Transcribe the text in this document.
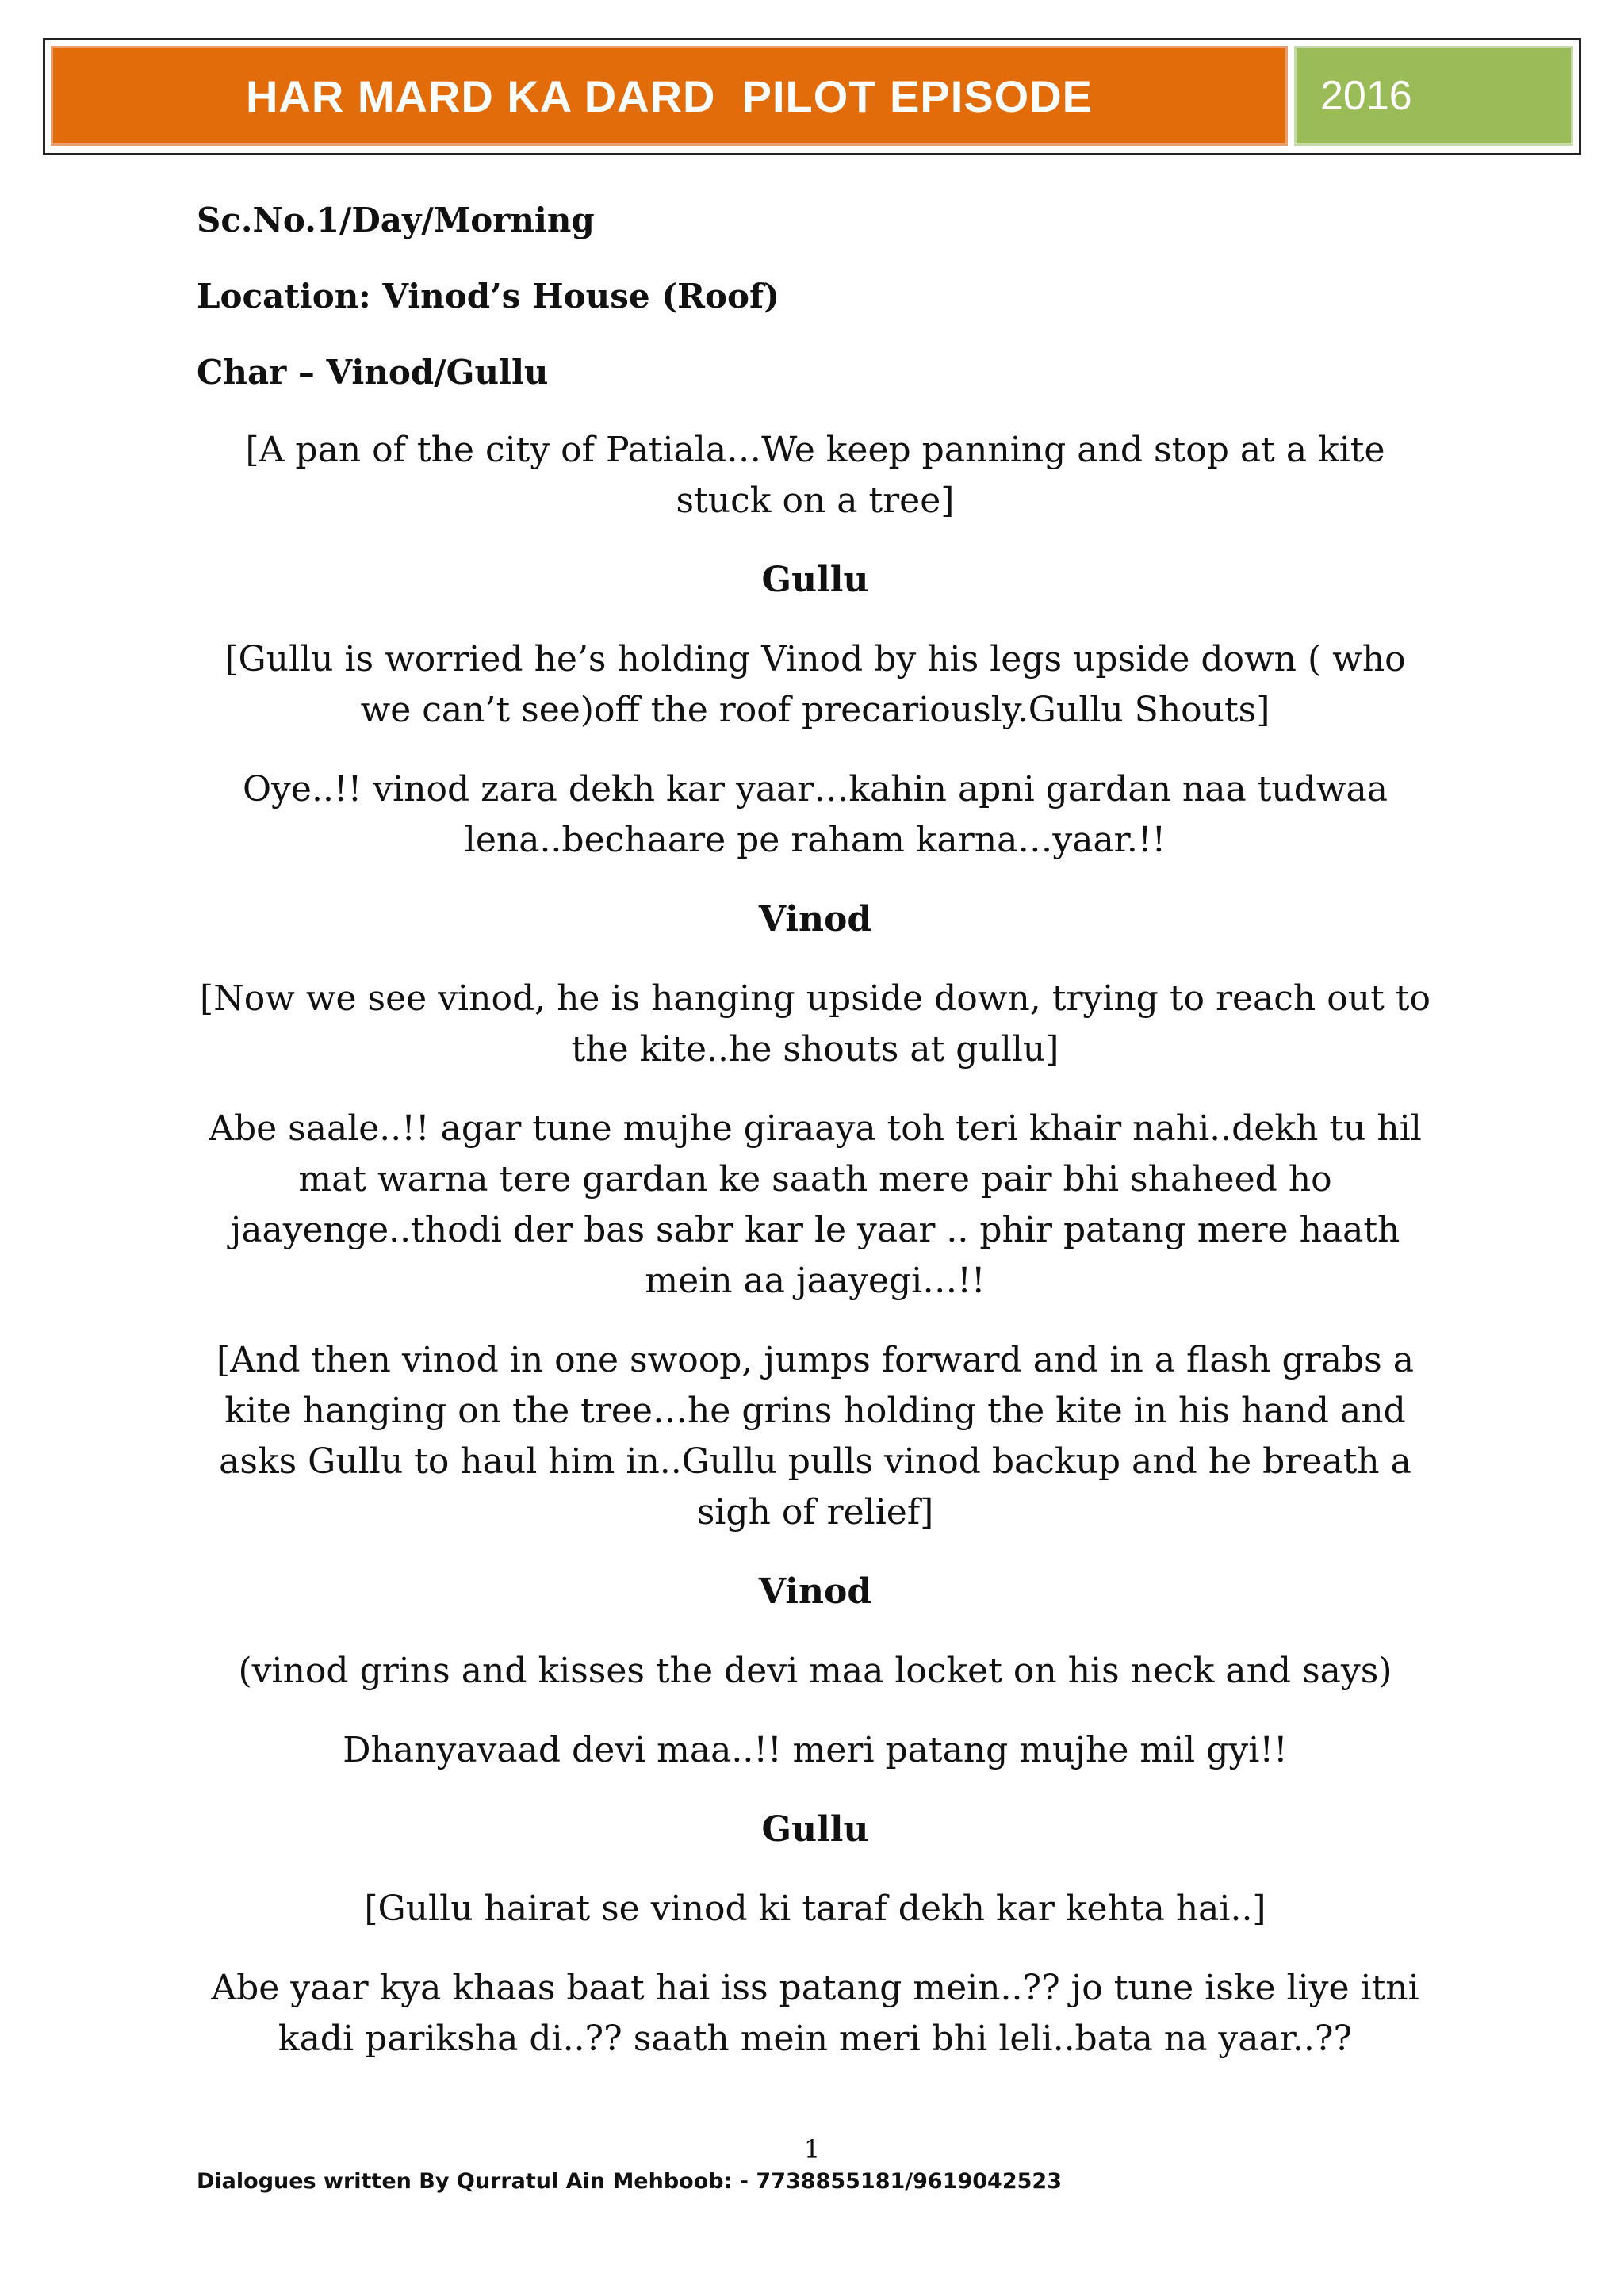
HAR MARD KA DARD  PILOT EPISODE	2016

Sc.No.1/Day/Morning

Location: Vinod’s House (Roof)

Char – Vinod/Gullu

[A pan of the city of Patiala…We keep panning and stop at a kite stuck on a tree]

Gullu

[Gullu is worried he’s holding Vinod by his legs upside down ( who we can’t see)off the roof precariously.Gullu Shouts]

Oye..!! vinod zara dekh kar yaar…kahin apni gardan naa tudwaa lena..bechaare pe raham karna…yaar.!!

Vinod

[Now we see vinod, he is hanging upside down, trying to reach out to the kite..he shouts at gullu]

Abe saale..!! agar tune mujhe giraaya toh teri khair nahi..dekh tu hil mat warna tere gardan ke saath mere pair bhi shaheed ho jaayenge..thodi der bas sabr kar le yaar .. phir patang mere haath mein aa jaayegi…!!

[And then vinod in one swoop, jumps forward and in a flash grabs a kite hanging on the tree…he grins holding the kite in his hand and asks Gullu to haul him in..Gullu pulls vinod backup and he breath a sigh of relief]

Vinod

(vinod grins and kisses the devi maa locket on his neck and says)

Dhanyavaad devi maa..!! meri patang mujhe mil gyi!!

Gullu

[Gullu hairat se vinod ki taraf dekh kar kehta hai..]

Abe yaar kya khaas baat hai iss patang mein..?? jo tune iske liye itni kadi pariksha di..?? saath mein meri bhi leli..bata na yaar..??

1
Dialogues written By Qurratul Ain Mehboob: - 7738855181/9619042523
